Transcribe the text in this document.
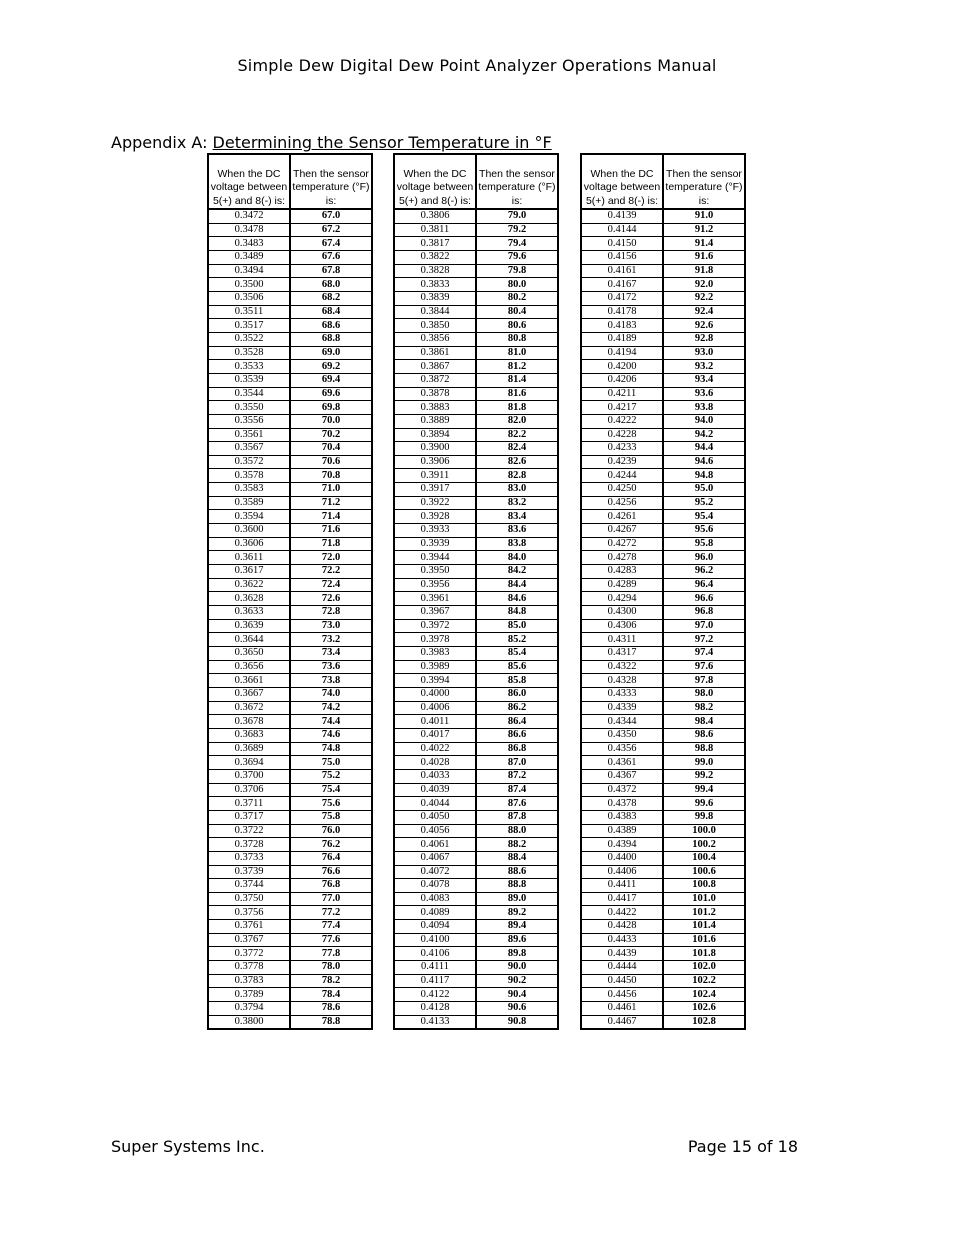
Simple Dew Digital Dew Point Analyzer Operations Manual
Appendix A: Determining the Sensor Temperature in °F
When the DC voltage between 5(+) and 8(-) is:	Then the sensor temperature (°F) is:
0.3472	67.0
0.3478	67.2
0.3483	67.4
0.3489	67.6
0.3494	67.8
0.3500	68.0
0.3506	68.2
0.3511	68.4
0.3517	68.6
0.3522	68.8
0.3528	69.0
0.3533	69.2
0.3539	69.4
0.3544	69.6
0.3550	69.8
0.3556	70.0
0.3561	70.2
0.3567	70.4
0.3572	70.6
0.3578	70.8
0.3583	71.0
0.3589	71.2
0.3594	71.4
0.3600	71.6
0.3606	71.8
0.3611	72.0
0.3617	72.2
0.3622	72.4
0.3628	72.6
0.3633	72.8
0.3639	73.0
0.3644	73.2
0.3650	73.4
0.3656	73.6
0.3661	73.8
0.3667	74.0
0.3672	74.2
0.3678	74.4
0.3683	74.6
0.3689	74.8
0.3694	75.0
0.3700	75.2
0.3706	75.4
0.3711	75.6
0.3717	75.8
0.3722	76.0
0.3728	76.2
0.3733	76.4
0.3739	76.6
0.3744	76.8
0.3750	77.0
0.3756	77.2
0.3761	77.4
0.3767	77.6
0.3772	77.8
0.3778	78.0
0.3783	78.2
0.3789	78.4
0.3794	78.6
0.3800	78.8
When the DC voltage between 5(+) and 8(-) is:	Then the sensor temperature (°F) is:
0.3806	79.0
0.3811	79.2
0.3817	79.4
0.3822	79.6
0.3828	79.8
0.3833	80.0
0.3839	80.2
0.3844	80.4
0.3850	80.6
0.3856	80.8
0.3861	81.0
0.3867	81.2
0.3872	81.4
0.3878	81.6
0.3883	81.8
0.3889	82.0
0.3894	82.2
0.3900	82.4
0.3906	82.6
0.3911	82.8
0.3917	83.0
0.3922	83.2
0.3928	83.4
0.3933	83.6
0.3939	83.8
0.3944	84.0
0.3950	84.2
0.3956	84.4
0.3961	84.6
0.3967	84.8
0.3972	85.0
0.3978	85.2
0.3983	85.4
0.3989	85.6
0.3994	85.8
0.4000	86.0
0.4006	86.2
0.4011	86.4
0.4017	86.6
0.4022	86.8
0.4028	87.0
0.4033	87.2
0.4039	87.4
0.4044	87.6
0.4050	87.8
0.4056	88.0
0.4061	88.2
0.4067	88.4
0.4072	88.6
0.4078	88.8
0.4083	89.0
0.4089	89.2
0.4094	89.4
0.4100	89.6
0.4106	89.8
0.4111	90.0
0.4117	90.2
0.4122	90.4
0.4128	90.6
0.4133	90.8
When the DC voltage between 5(+) and 8(-) is:	Then the sensor temperature (°F) is:
0.4139	91.0
0.4144	91.2
0.4150	91.4
0.4156	91.6
0.4161	91.8
0.4167	92.0
0.4172	92.2
0.4178	92.4
0.4183	92.6
0.4189	92.8
0.4194	93.0
0.4200	93.2
0.4206	93.4
0.4211	93.6
0.4217	93.8
0.4222	94.0
0.4228	94.2
0.4233	94.4
0.4239	94.6
0.4244	94.8
0.4250	95.0
0.4256	95.2
0.4261	95.4
0.4267	95.6
0.4272	95.8
0.4278	96.0
0.4283	96.2
0.4289	96.4
0.4294	96.6
0.4300	96.8
0.4306	97.0
0.4311	97.2
0.4317	97.4
0.4322	97.6
0.4328	97.8
0.4333	98.0
0.4339	98.2
0.4344	98.4
0.4350	98.6
0.4356	98.8
0.4361	99.0
0.4367	99.2
0.4372	99.4
0.4378	99.6
0.4383	99.8
0.4389	100.0
0.4394	100.2
0.4400	100.4
0.4406	100.6
0.4411	100.8
0.4417	101.0
0.4422	101.2
0.4428	101.4
0.4433	101.6
0.4439	101.8
0.4444	102.0
0.4450	102.2
0.4456	102.4
0.4461	102.6
0.4467	102.8
Super Systems Inc.	Page 15 of 18
